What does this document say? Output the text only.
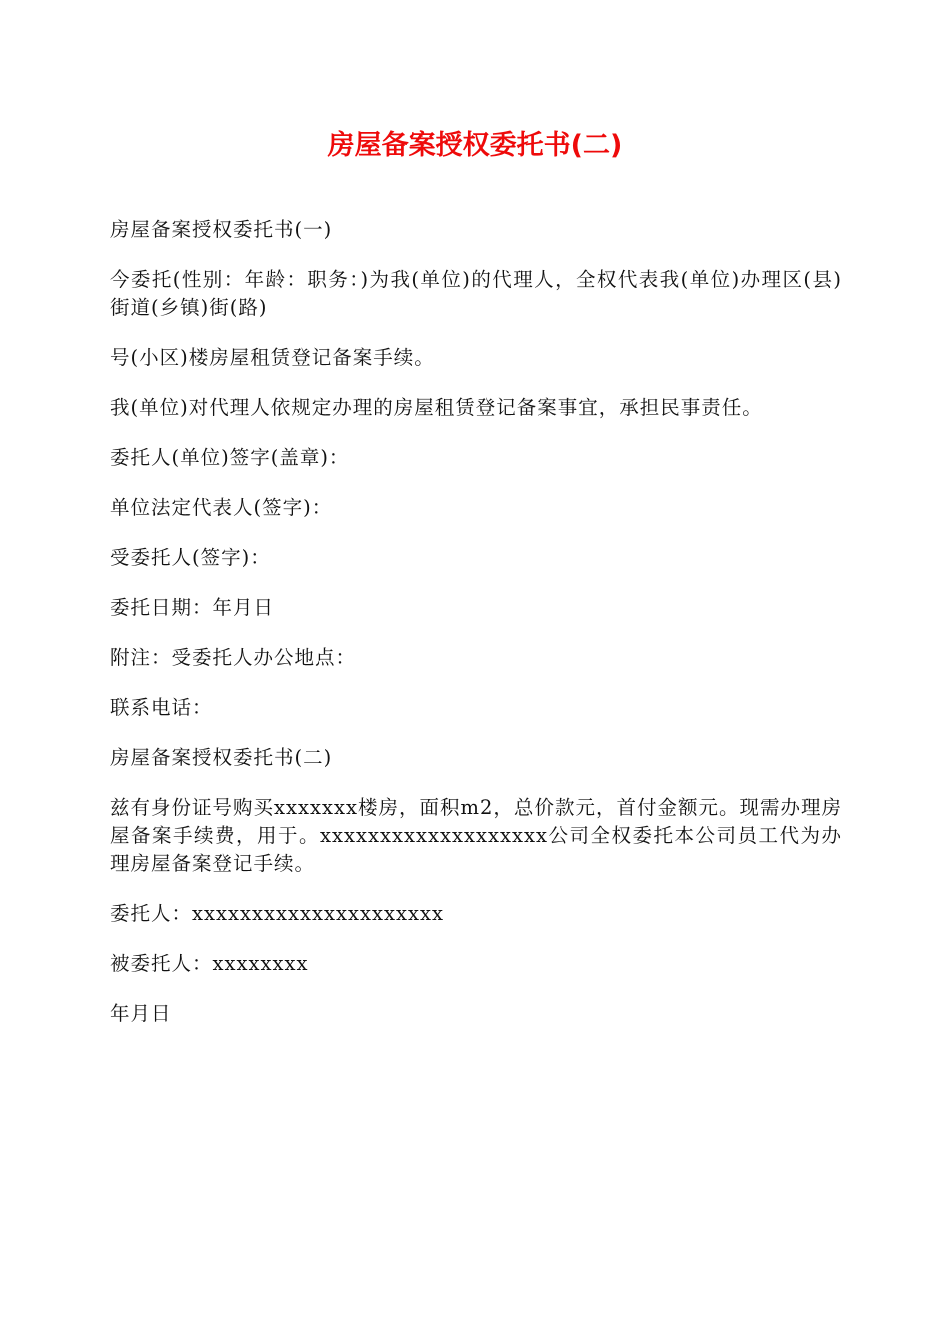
房屋备案授权委托书(二)

房屋备案授权委托书(一)

今委托(性别：年龄：职务：)为我(单位)的代理人，全权代表我(单位)办理区(县)街道(乡镇)街(路)

号(小区)楼房屋租赁登记备案手续。

我(单位)对代理人依规定办理的房屋租赁登记备案事宜，承担民事责任。

委托人(单位)签字(盖章)：

单位法定代表人(签字)：

受委托人(签字)：

委托日期：年月日

附注：受委托人办公地点：

联系电话：

房屋备案授权委托书(二)

兹有身份证号购买xxxxxxx楼房，面积m2，总价款元，首付金额元。现需办理房屋备案手续费，用于。xxxxxxxxxxxxxxxxxxx公司全权委托本公司员工代为办理房屋备案登记手续。

委托人：xxxxxxxxxxxxxxxxxxxxx

被委托人：xxxxxxxx

年月日
